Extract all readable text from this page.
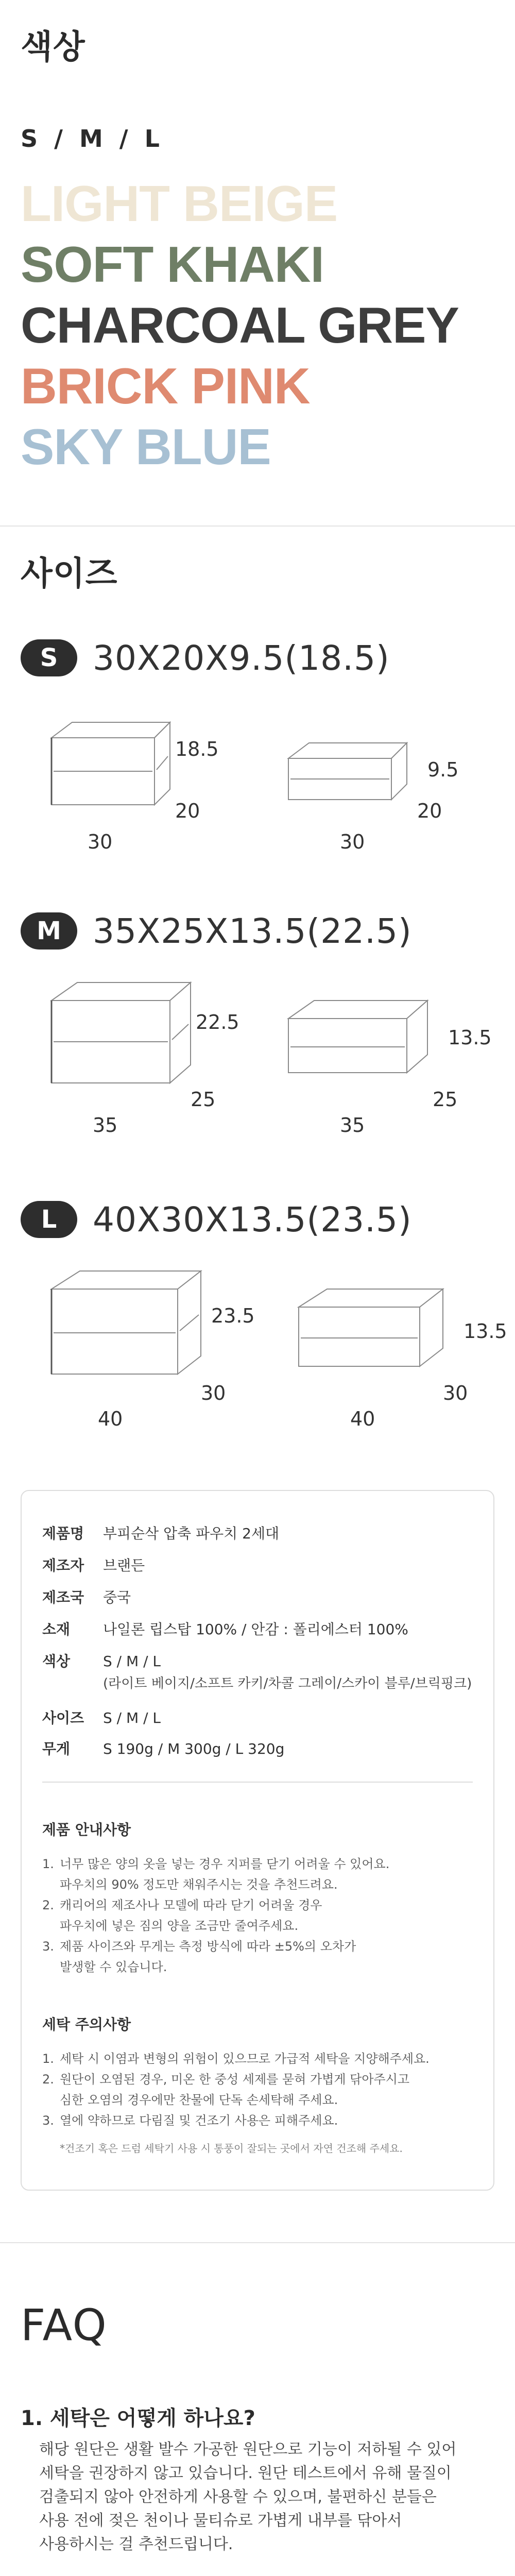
색상
S / M / L
LIGHT BEIGE
SOFT KHAKI
CHARCOAL GREY
BRICK PINK
SKY BLUE
사이즈
S	30X20X9.5(18.5)
18.5
20
30
9.5
20
30
M 35X25X13.5(22.5)
22.5
25
35
13.5
25
35
L	40X30X13.5(23.5)
23.5
30
40
13.5
30
40
제품명	부피순삭 압축 파우치 2세대
제조자	브랜든
제조국	중국
소재	나일론 립스탑 100% / 안감 : 폴리에스터 100%
색상	S / M / L
(라이트 베이지/소프트 카키/차콜 그레이/스카이 블루/브릭핑크)
사이즈	S / M / L
무게	S 190g / M 300g / L 320g
제품 안내사항
1. 너무 많은 양의 옷을 넣는 경우 지퍼를 닫기 어려울 수 있어요.
파우치의 90% 정도만 채워주시는 것을 추천드려요.
2. 캐리어의 제조사나 모델에 따라 닫기 어려울 경우
파우치에 넣은 짐의 양을 조금만 줄여주세요.
3. 제품 사이즈와 무게는 측정 방식에 따라 ±5%의 오차가
발생할 수 있습니다.
세탁 주의사항
1. 세탁 시 이염과 변형의 위험이 있으므로 가급적 세탁을 지양해주세요.
2. 원단이 오염된 경우, 미온 한 중성 세제를 묻혀 가볍게 닦아주시고
심한 오염의 경우에만 찬물에 단독 손세탁해 주세요.
3. 열에 약하므로 다림질 및 건조기 사용은 피해주세요.
*건조기 혹은 드럼 세탁기 사용 시 통풍이 잘되는 곳에서 자연 건조해 주세요.
FAQ
1. 세탁은 어떻게 하나요?
해당 원단은 생활 발수 가공한 원단으로 기능이 저하될 수 있어
세탁을 권장하지 않고 있습니다. 원단 테스트에서 유해 물질이
검출되지 않아 안전하게 사용할 수 있으며, 불편하신 분들은
사용 전에 젖은 천이나 물티슈로 가볍게 내부를 닦아서
사용하시는 걸 추천드립니다.
